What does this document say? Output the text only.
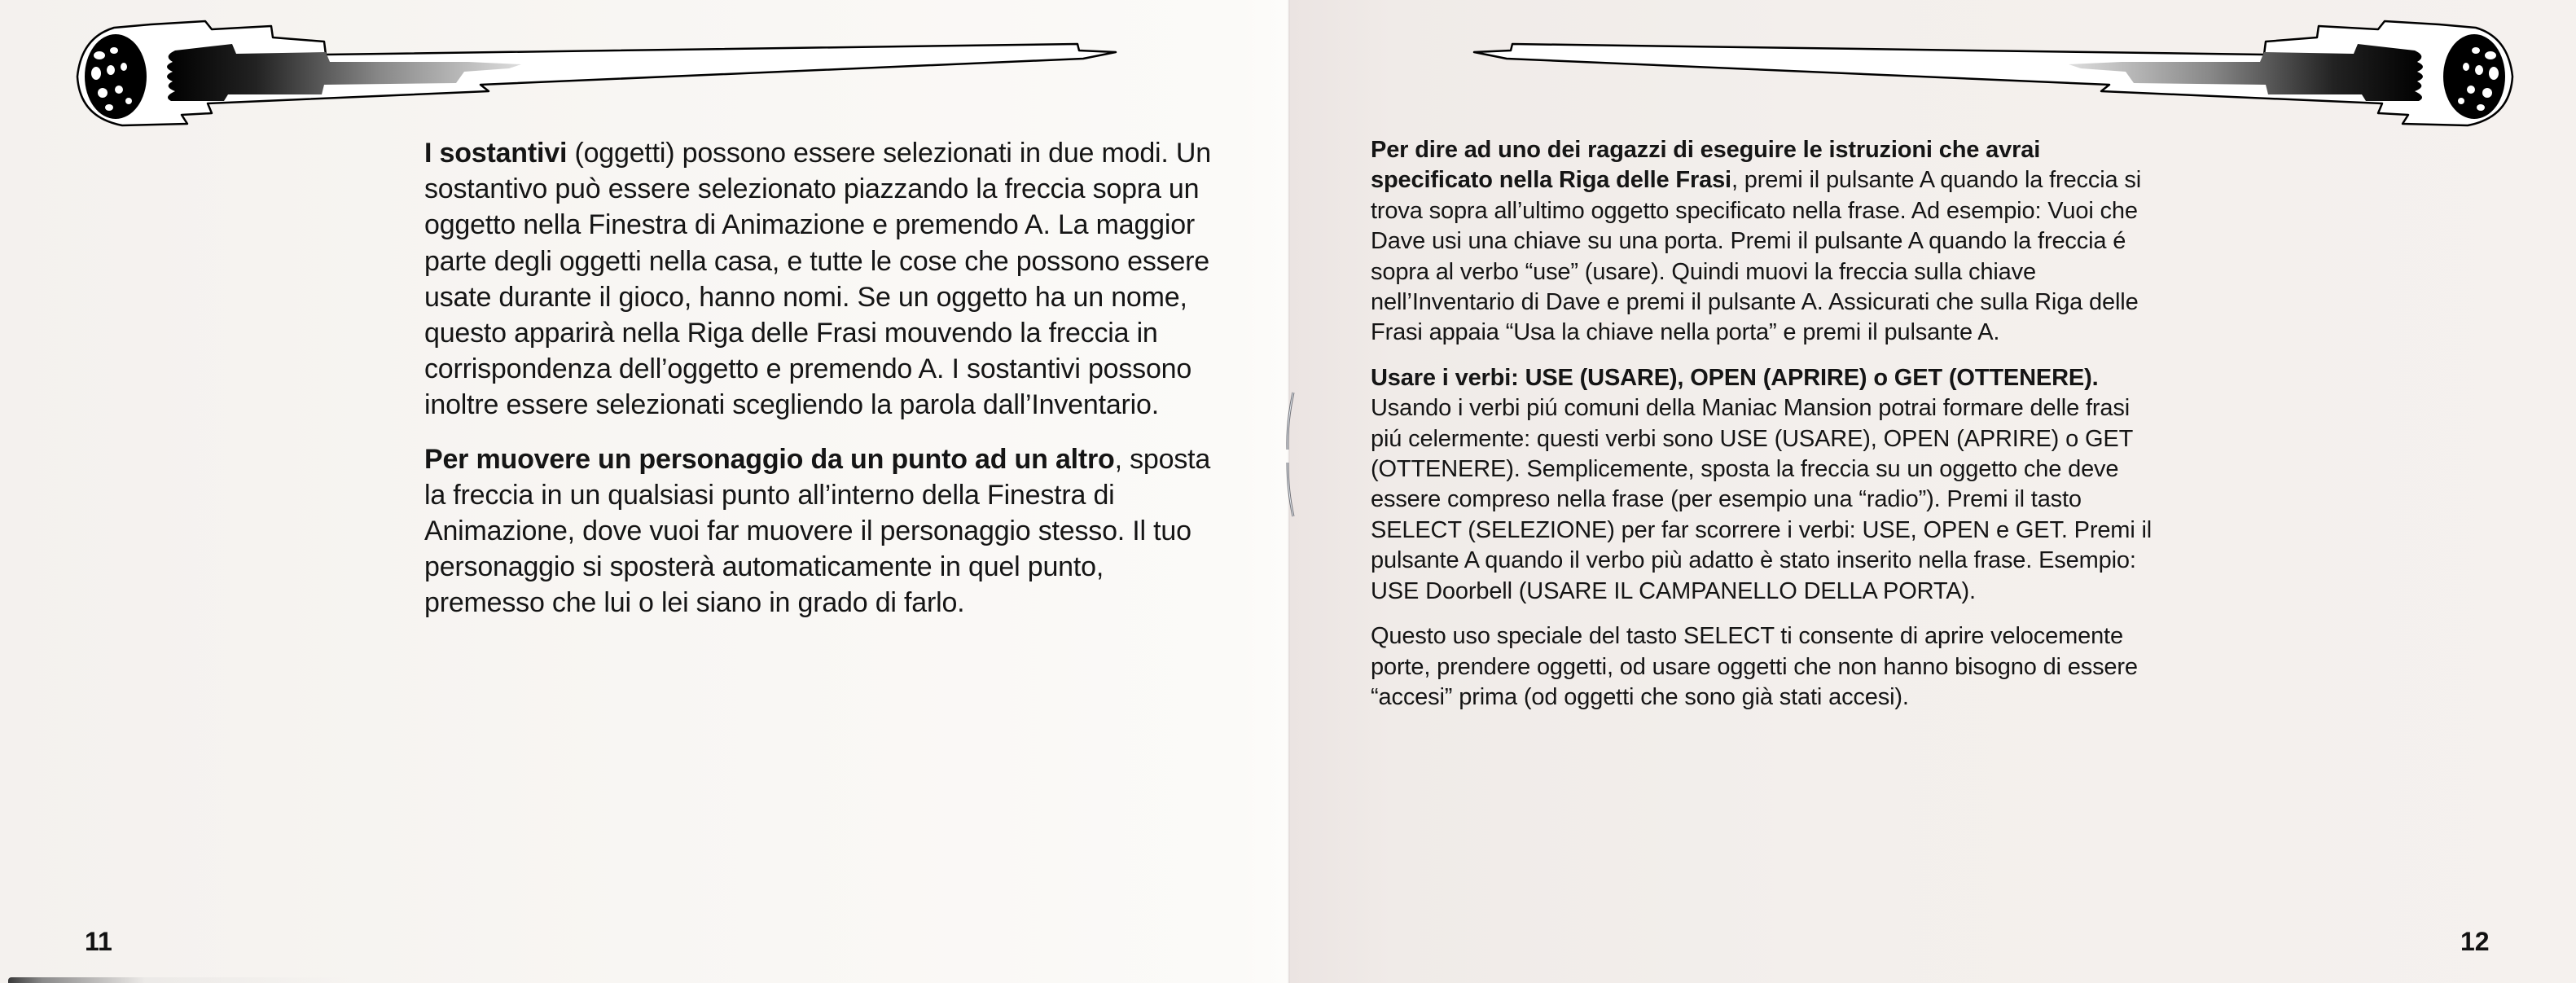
I sostantivi (oggetti) possono essere selezionati in due modi. Un sostantivo può essere selezionato piazzando la freccia sopra un oggetto nella Finestra di Animazione e premendo A. La maggior parte degli oggetti nella casa, e tutte le cose che possono essere usate durante il gioco, hanno nomi. Se un oggetto ha un nome, questo apparirà nella Riga delle Frasi mouvendo la freccia in corrispondenza dell’oggetto e premendo A. I sostantivi possono inoltre essere selezionati scegliendo la parola dall’Inventario.

Per muovere un personaggio da un punto ad un altro, sposta la freccia in un qualsiasi punto all’interno della Finestra di Animazione, dove vuoi far muovere il personaggio stesso. Il tuo personaggio si sposterà automaticamente in quel punto, premesso che lui o lei siano in grado di farlo.

Per dire ad uno dei ragazzi di eseguire le istruzioni che avrai specificato nella Riga delle Frasi, premi il pulsante A quando la freccia si trova sopra all’ultimo oggetto specificato nella frase. Ad esempio: Vuoi che Dave usi una chiave su una porta. Premi il pulsante A quando la freccia é sopra al verbo “use” (usare). Quindi muovi la freccia sulla chiave nell’Inventario di Dave e premi il pulsante A. Assicurati che sulla Riga delle Frasi appaia “Usa la chiave nella porta” e premi il pulsante A.

Usare i verbi: USE (USARE), OPEN (APRIRE) o GET (OTTENERE). Usando i verbi piú comuni della Maniac Mansion potrai formare delle frasi piú celermente: questi verbi sono USE (USARE), OPEN (APRIRE) o GET (OTTENERE). Semplicemente, sposta la freccia su un oggetto che deve essere compreso nella frase (per esempio una “radio”). Premi il tasto SELECT (SELEZIONE) per far scorrere i verbi: USE, OPEN e GET. Premi il pulsante A quando il verbo più adatto è stato inserito nella frase. Esempio: USE Doorbell (USARE IL CAMPANELLO DELLA PORTA).

Questo uso speciale del tasto SELECT ti consente di aprire velocemente porte, prendere oggetti, od usare oggetti che non hanno bisogno di essere “accesi” prima (od oggetti che sono già stati accesi).

11	12
